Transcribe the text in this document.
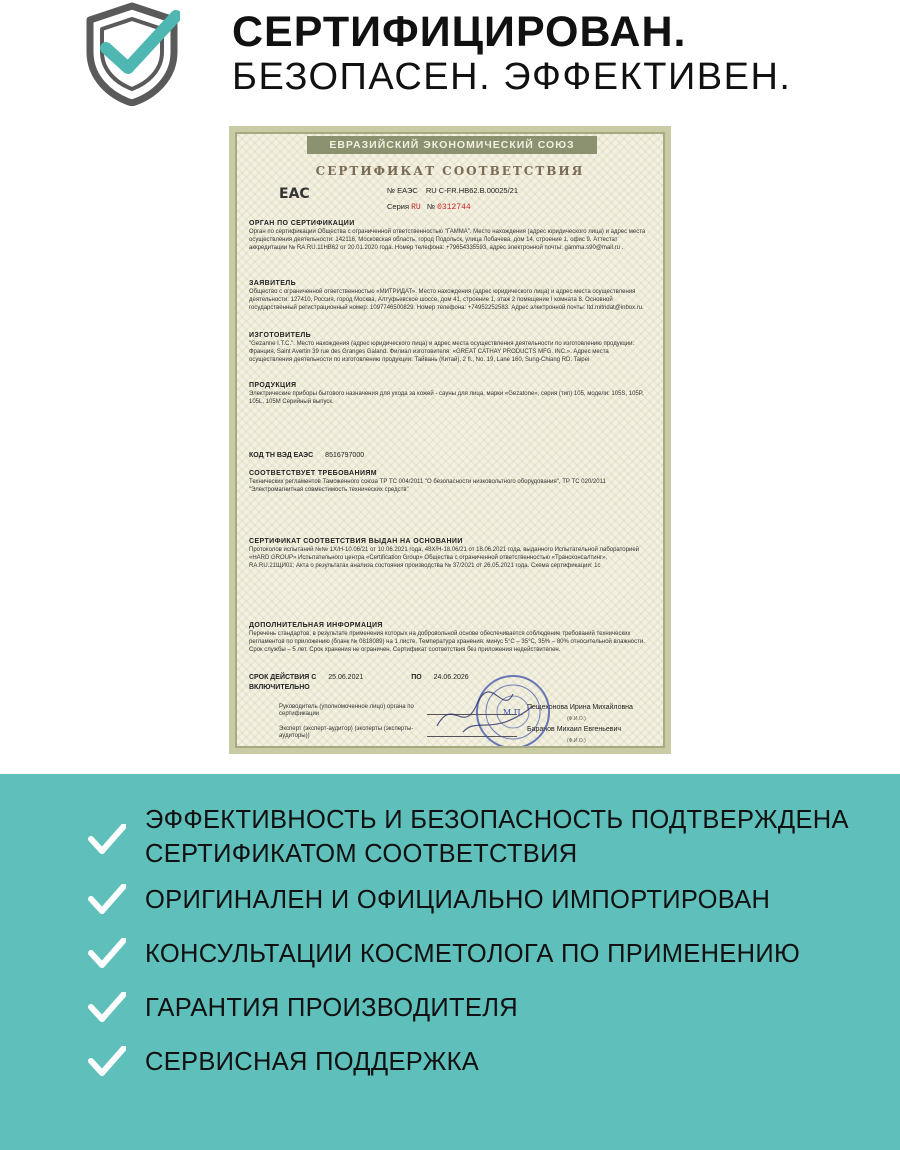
СЕРТИФИЦИРОВАН.
БЕЗОПАСЕН. ЭФФЕКТИВЕН.
ЕВРАЗИЙСКИЙ ЭКОНОМИЧЕСКИЙ СОЮЗ
СЕРТИФИКАТ СООТВЕТСТВИЯ
EAC	№ ЕАЭС RU C-FR.HB62.B.00025/21
Серия RU № 0312744
ОРГАН ПО СЕРТИФИКАЦИИ
Орган по сертификации Общества с ограниченной ответственностью "ГАММА". Место нахождения (адрес юридического лица) и адрес места осуществления деятельности: 142116, Московская область, город Подольск, улица Лобачева, дом 14, строение 1, офис 9. Аттестат аккредитации № RA.RU.11HB62 от 20.01.2020 года. Номер телефона: +79654335593, адрес электронной почты: gamma.s90@mail.ru .
ЗАЯВИТЕЛЬ
Общество с ограниченной ответственностью «МИТРИДАТ». Место нахождения (адрес юридического лица) и адрес места осуществления деятельности: 127410, Россия, город Москва, Алтуфьевское шоссе, дом 41, строение 1, этаж 2 помещение I комната 8. Основной государственный регистрационный номер: 1097746500829. Номер телефона: +74952252583. Адрес электронной почты: ltd.mitridat@inbox.ru.
ИЗГОТОВИТЕЛЬ
"Gezanne I.T.C.". Место нахождения (адрес юридического лица) и адрес места осуществления деятельности по изготовлению продукции: Франция, Saint Avertin 39 rue des Granges Galand. Филиал изготовителя: «GREAT CATHAY PRODUCTS MFG. INC.». Адрес места осуществления деятельности по изготовлению продукции: Тайвань (Китай), 2 fl., No. 19, Lane 160, Sung-Chiang RD. Taipei
ПРОДУКЦИЯ
Электрические приборы бытового назначения для ухода за кожей - сауны для лица, марки «Gezatone», серия (тип) 105, модели: 105S, 105P, 105L, 105M Серийный выпуск.
КОД ТН ВЭД ЕАЭС 8516797000
СООТВЕТСТВУЕТ ТРЕБОВАНИЯМ
Технических регламентов Таможенного союза ТР ТС 004/2011 "О безопасности низковольтного оборудования", ТР ТС 020/2011 "Электромагнитная совместимость технических средств"
СЕРТИФИКАТ СООТВЕТСТВИЯ ВЫДАН НА ОСНОВАНИИ
Протоколов испытаний №№ 1Х/Н-10.06/21 от 10.06.2021 года, 48Х/Н-18.06/21 от 18.06.2021 года, выданного Испытательной лабораторией «HARD GROUP» Испытательного центра «Certification Group» Общества с ограниченной ответственностью «Трансконсалтинг», RA.RU.21ЩИ01; Акта о результатах анализа состояния производства № 37/2021 от 26.05.2021 года. Схема сертификации: 1с
ДОПОЛНИТЕЛЬНАЯ ИНФОРМАЦИЯ
Перечень стандартов, в результате применения которых на добровольной основе обеспечивается соблюдение требований технических регламентов по приложению (бланк № 0818089) на 1 листе. Температура хранения: минус 5°C – 35°C, 35% – 80% относительной влажности. Срок службы – 5 лет. Срок хранения не ограничен. Сертификат соответствия без приложения недействителен.
СРОК ДЕЙСТВИЯ С 25.06.2021	ПО 24.06.2026
ВКЛЮЧИТЕЛЬНО
Руководитель (уполномоченное лицо) органа по сертификации
Пещехонова Ирина Михайловна
(Ф.И.О.)
Эксперт (эксперт-аудитор) (эксперты (эксперты-аудиторы))
Баранов Михаил Евгеньевич
(Ф.И.О.)
М.П.
ЭФФЕКТИВНОСТЬ И БЕЗОПАСНОСТЬ ПОДТВЕРЖДЕНА
СЕРТИФИКАТОМ СООТВЕТСТВИЯ
ОРИГИНАЛЕН И ОФИЦИАЛЬНО ИМПОРТИРОВАН
КОНСУЛЬТАЦИИ КОСМЕТОЛОГА ПО ПРИМЕНЕНИЮ
ГАРАНТИЯ ПРОИЗВОДИТЕЛЯ
СЕРВИСНАЯ ПОДДЕРЖКА
